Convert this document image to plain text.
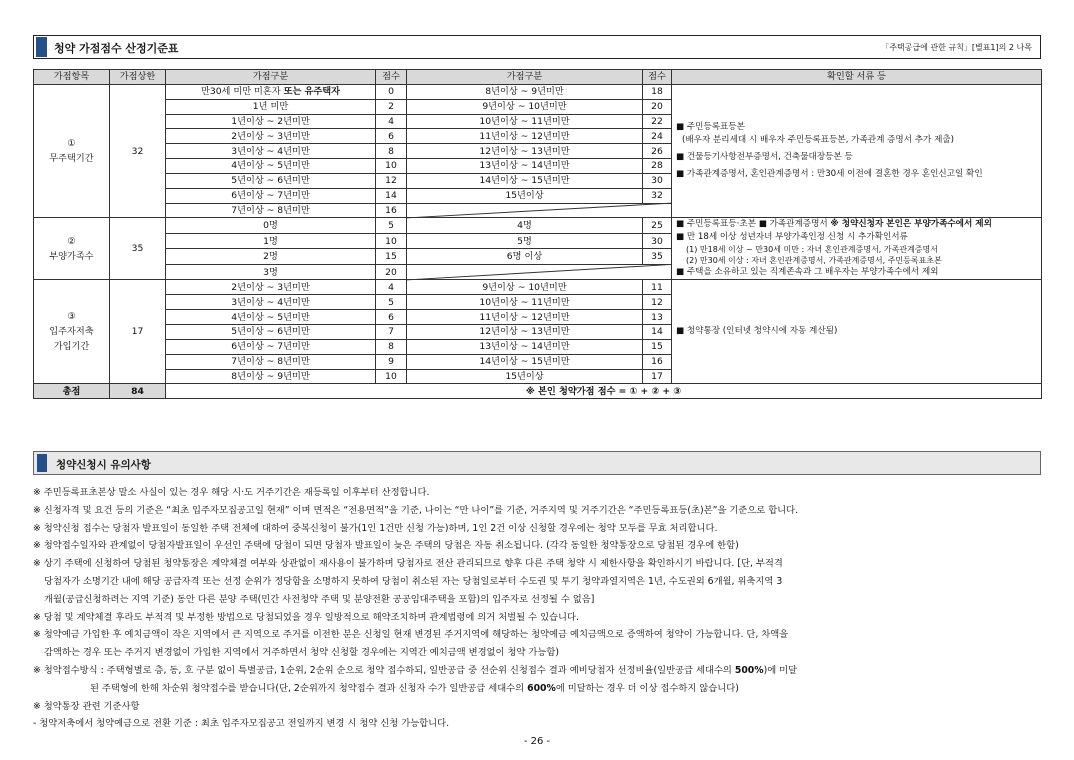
청약 가점점수 산정기준표	「주택공급에 관한 규칙」[별표1]의 2 나목
가점항목	가점상한	가점구분	점수	가점구분	점수	확인할 서류 등
①
무주택기간	32	만30세 미만 미혼자 또는 유주택자	0	8년이상 ~ 9년미만	18	■ 주민등록표등본
(배우자 분리세대 시 배우자 주민등록표등본, 가족관계 증명서 추가 제출)
■ 건물등기사항전부증명서, 건축물대장등본 등
■ 가족관계증명서, 혼인관계증명서 : 만30세 이전에 결혼한 경우 혼인신고일 확인

		1년 미만	2	9년이상 ~ 10년미만	20	
		1년이상 ~ 2년미만	4	10년이상 ~ 11년미만	22	
		2년이상 ~ 3년미만	6	11년이상 ~ 12년미만	24	
		3년이상 ~ 4년미만	8	12년이상 ~ 13년미만	26	
		4년이상 ~ 5년미만	10	13년이상 ~ 14년미만	28	
		5년이상 ~ 6년미만	12	14년이상 ~ 15년미만	30	
		6년이상 ~ 7년미만	14	15년이상	32	
		7년이상 ~ 8년미만	16			
②
부양가족수	35	0명	5	4명	25	■ 주민등록표등·초본 ■ 가족관계증명서 ※ 청약신청자 본인은 부양가족수에서 제외
■ 만 18세 이상 성년자녀 부양가족인정 신청 시 추가확인서류
(1) 만18세 이상 ~ 만30세 미만 : 자녀 혼인관계증명서, 가족관계증명서
(2) 만30세 이상 : 자녀 혼인관계증명서, 가족관계증명서, 주민등록표초본
■ 주택을 소유하고 있는 직계존속과 그 배우자는 부양가족수에서 제외

		1명	10	5명	30	
		2명	15	6명 이상	35	
		3명	20			
③
입주자저축
가입기간	17	2년이상 ~ 3년미만	4	9년이상 ~ 10년미만	11	■ 청약통장 (인터넷 청약시에 자동 계산됨)
		3년이상 ~ 4년미만	5	10년이상 ~ 11년미만	12	
		4년이상 ~ 5년미만	6	11년이상 ~ 12년미만	13	
		5년이상 ~ 6년미만	7	12년이상 ~ 13년미만	14	
		6년이상 ~ 7년미만	8	13년이상 ~ 14년미만	15	
		7년이상 ~ 8년미만	9	14년이상 ~ 15년미만	16	
		8년이상 ~ 9년미만	10	15년이상	17	
총점	84	※ 본인 청약가점 점수 = ① + ② + ③				
청약신청시 유의사항
※ 주민등록표초본상 말소 사실이 있는 경우 해당 시·도 거주기간은 재등록일 이후부터 산정합니다.
※ 신청자격 및 요건 등의 기준은 “최초 입주자모집공고일 현재” 이며 면적은 “전용면적”을 기준, 나이는 “만 나이”를 기준, 거주지역 및 거주기간은 “주민등록표등(초)본”을 기준으로 합니다.
※ 청약신청 접수는 당첨자 발표일이 동일한 주택 전체에 대하여 중복신청이 불가(1인 1건만 신청 가능)하며, 1인 2건 이상 신청할 경우에는 청약 모두를 무효 처리합니다.
※ 청약접수일자와 관계없이 당첨자발표일이 우선인 주택에 당첨이 되면 당첨자 발표일이 늦은 주택의 당첨은 자동 취소됩니다. (각각 동일한 청약통장으로 당첨된 경우에 한함)
※ 상기 주택에 신청하여 당첨된 청약통장은 계약체결 여부와 상관없이 재사용이 불가하며 당첨자로 전산 관리되므로 향후 다른 주택 청약 시 제한사항을 확인하시기 바랍니다. [단, 부적격
당첨자가 소명기간 내에 해당 공급자격 또는 선정 순위가 정당함을 소명하지 못하여 당첨이 취소된 자는 당첨일로부터 수도권 및 투기 청약과열지역은 1년, 수도권외 6개월, 위축지역 3
개월(공급신청하려는 지역 기준) 동안 다른 분양 주택(민간 사전청약 주택 및 분양전환 공공임대주택을 포함)의 입주자로 선정될 수 없음]
※ 당첨 및 계약체결 후라도 부적격 및 부정한 방법으로 당첨되었을 경우 일방적으로 해약조치하며 관계법령에 의거 처벌될 수 있습니다.
※ 청약예금 가입한 후 예치금액이 작은 지역에서 큰 지역으로 주거를 이전한 분은 신청일 현재 변경된 주거지역에 해당하는 청약예금 예치금액으로 증액하여 청약이 가능합니다. 단, 차액을
감액하는 경우 또는 주거지 변경없이 가입한 지역에서 거주하면서 청약 신청할 경우에는 지역간 예치금액 변경없이 청약 가능함)
※ 청약접수방식 : 주택형별로 층, 동, 호 구분 없이 특별공급, 1순위, 2순위 순으로 청약 접수하되, 일반공급 중 선순위 신청접수 결과 예비당첨자 선정비율(일반공급 세대수의 500%)에 미달
된 주택형에 한해 차순위 청약접수를 받습니다(단, 2순위까지 청약접수 결과 신청자 수가 일반공급 세대수의 600%에 미달하는 경우 더 이상 접수하지 않습니다)
※ 청약통장 관련 기준사항
- 청약저축에서 청약예금으로 전환 기준 : 최초 입주자모집공고 전일까지 변경 시 청약 신청 가능합니다.
- 26 -
